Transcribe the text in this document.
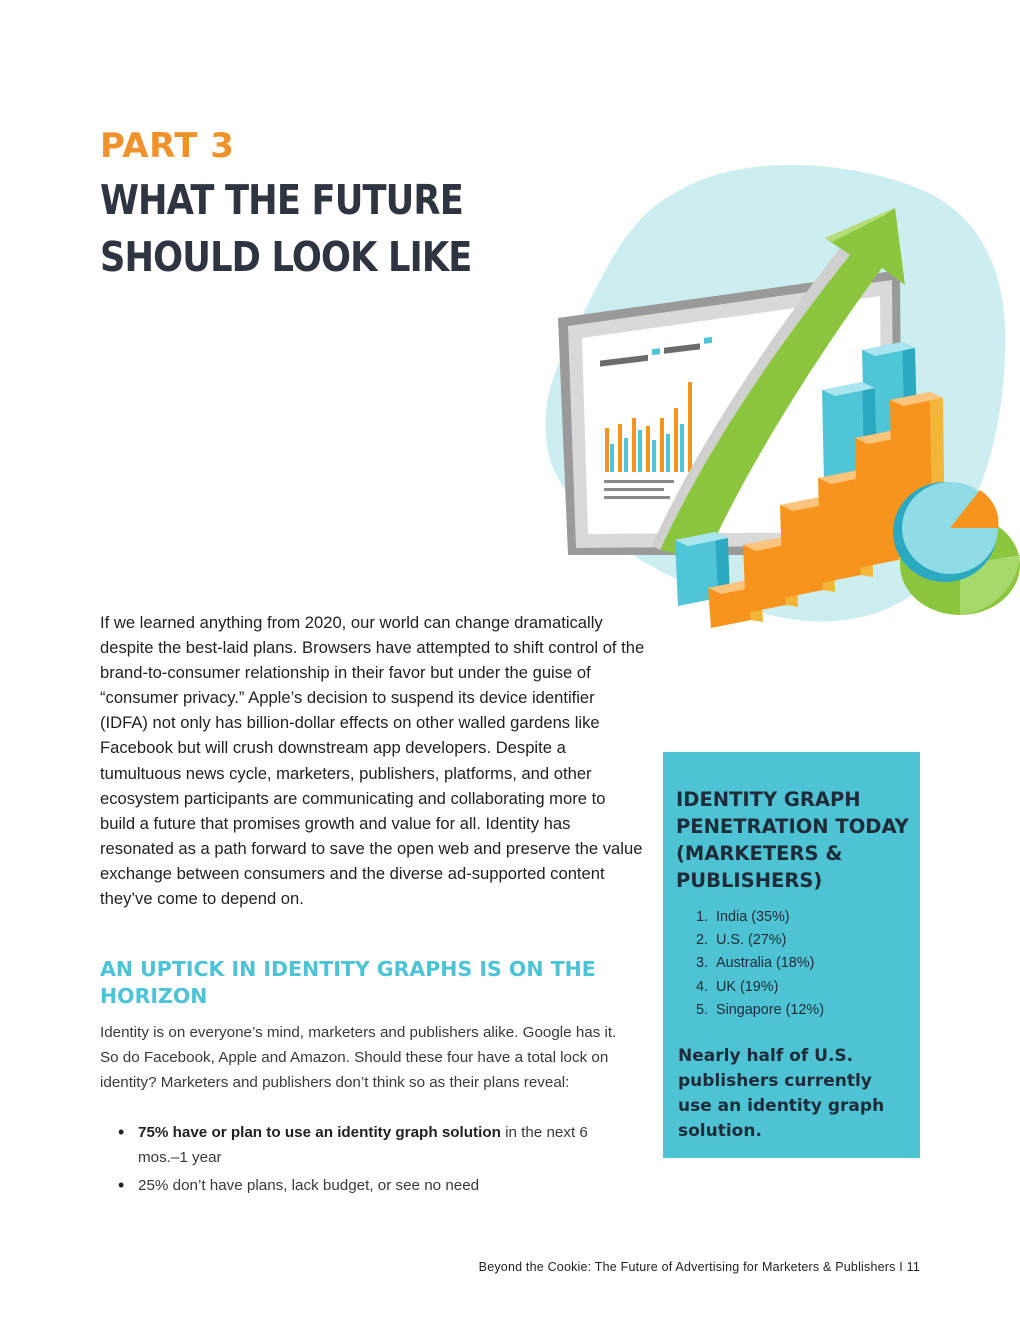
PART 3

WHAT THE FUTURE SHOULD LOOK LIKE

If we learned anything from 2020, our world can change dramatically despite the best-laid plans. Browsers have attempted to shift control of the brand-to-consumer relationship in their favor but under the guise of “consumer privacy.” Apple’s decision to suspend its device identifier (IDFA) not only has billion-dollar effects on other walled gardens like Facebook but will crush downstream app developers. Despite a tumultuous news cycle, marketers, publishers, platforms, and other ecosystem participants are communicating and collaborating more to build a future that promises growth and value for all. Identity has resonated as a path forward to save the open web and preserve the value exchange between consumers and the diverse ad-supported content they’ve come to depend on.

AN UPTICK IN IDENTITY GRAPHS IS ON THE HORIZON

Identity is on everyone’s mind, marketers and publishers alike. Google has it. So do Facebook, Apple and Amazon. Should these four have a total lock on identity? Marketers and publishers don’t think so as their plans reveal:

• 75% have or plan to use an identity graph solution in the next 6 mos.–1 year
• 25% don’t have plans, lack budget, or see no need
IDENTITY GRAPH PENETRATION TODAY (MARKETERS & PUBLISHERS)
1. India (35%)
2. U.S. (27%)
3. Australia (18%)
4. UK (19%)
5. Singapore (12%)

Nearly half of U.S. publishers currently use an identity graph solution.

Beyond the Cookie: The Future of Advertising for Marketers & Publishers I 11
